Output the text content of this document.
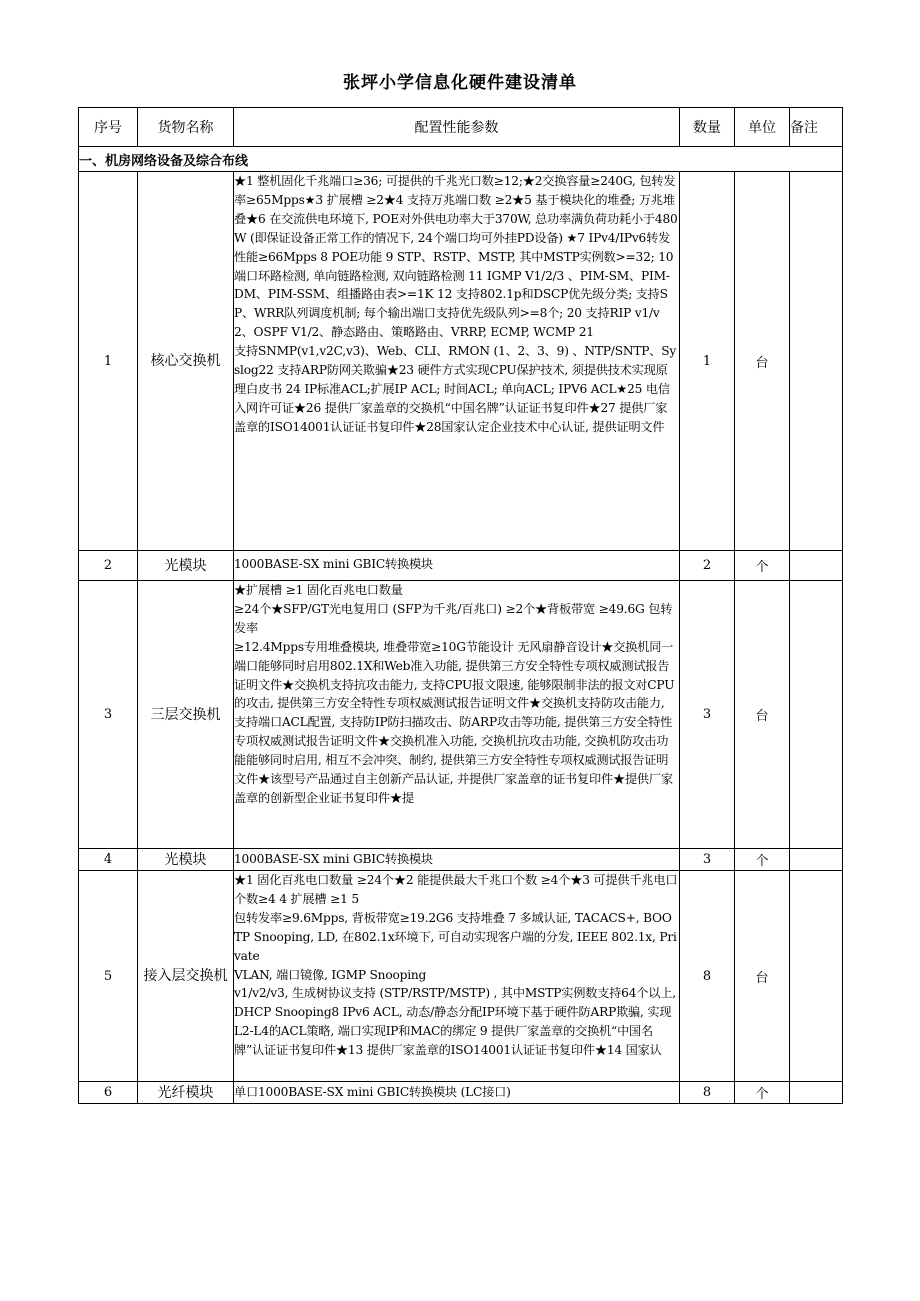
张坪小学信息化硬件建设清单
序号	货物名称	配置性能参数	数量	单位	备注
一、机房网络设备及综合布线					
1	核心交换机	★1 整机固化千兆端口≥36; 可提供的千兆光口数≥12;★2交换容量≥240G, 包转发率≥65Mpps★3 扩展槽 ≥2★4 支持万兆端口数 ≥2★5 基于模块化的堆叠; 万兆堆叠★6 在交流供电环境下, POE对外供电功率大于370W, 总功率满负荷功耗小于480W (即保证设备正常工作的情况下, 24个端口均可外挂PD设备) ★7 IPv4/IPv6转发性能≥66Mpps 8 POE功能 9 STP、RSTP、MSTP, 其中MSTP实例数>=32; 10 端口环路检测, 单向链路检测, 双向链路检测 11 IGMP V1/2/3 、PIM-SM、PIM-DM、PIM-SSM、组播路由表>=1K 12 支持802.1p和DSCP优先级分类; 支持SP、WRR队列调度机制; 每个输出端口支持优先级队列>=8个; 20 支持RIP v1/v2、OSPF V1/2、静态路由、策略路由、VRRP, ECMP, WCMP 21
支持SNMP(v1,v2C,v3)、Web、CLI、RMON (1、2、3、9) 、NTP/SNTP、Syslog22 支持ARP防网关欺骗★23 硬件方式实现CPU保护技术, 须提供技术实现原理白皮书 24 IP标准ACL;扩展IP ACL; 时间ACL; 单向ACL; IPV6 ACL★25 电信入网许可证★26 提供厂家盖章的交换机“中国名牌”认证证书复印件★27 提供厂家盖章的ISO14001认证证书复印件★28国家认定企业技术中心认证, 提供证明文件	1	台	
2	光模块	1000BASE-SX mini GBIC转换模块	2	个	
3	三层交换机	★扩展槽 ≥1 固化百兆电口数量
≥24个★SFP/GT光电复用口 (SFP为千兆/百兆口) ≥2个★背板带宽 ≥49.6G 包转发率
≥12.4Mpps专用堆叠模块, 堆叠带宽≥10G节能设计 无风扇静音设计★交换机同一端口能够同时启用802.1X和Web准入功能, 提供第三方安全特性专项权威测试报告证明文件★交换机支持抗攻击能力, 支持CPU报文限速, 能够限制非法的报文对CPU的攻击, 提供第三方安全特性专项权威测试报告证明文件★交换机支持防攻击能力, 支持端口ACL配置, 支持防IP防扫描攻击、防ARP攻击等功能, 提供第三方安全特性专项权威测试报告证明文件★交换机准入功能, 交换机抗攻击功能, 交换机防攻击功能能够同时启用, 相互不会冲突、制约, 提供第三方安全特性专项权威测试报告证明文件★该型号产品通过自主创新产品认证, 并提供厂家盖章的证书复印件★提供厂家盖章的创新型企业证书复印件★提	3	台	
4	光模块	1000BASE-SX mini GBIC转换模块	3	个	
5	接入层交换机	★1 固化百兆电口数量 ≥24个★2 能提供最大千兆口个数 ≥4个★3 可提供千兆电口个数≥4 4 扩展槽 ≥1 5
包转发率≥9.6Mpps, 背板带宽≥19.2G6 支持堆叠 7 多域认证, TACACS+, BOOTP Snooping, LD, 在802.1x环境下, 可自动实现客户端的分发, IEEE 802.1x, Private
VLAN, 端口镜像, IGMP Snooping
v1/v2/v3, 生成树协议支持 (STP/RSTP/MSTP) , 其中MSTP实例数支持64个以上, DHCP Snooping8 IPv6 ACL, 动态/静态分配IP环境下基于硬件防ARP欺骗, 实现L2-L4的ACL策略, 端口实现IP和MAC的绑定 9 提供厂家盖章的交换机“中国名牌”认证证书复印件★13 提供厂家盖章的ISO14001认证证书复印件★14 国家认	8	台	
6	光纤模块	单口1000BASE-SX mini GBIC转换模块 (LC接口)	8	个	
